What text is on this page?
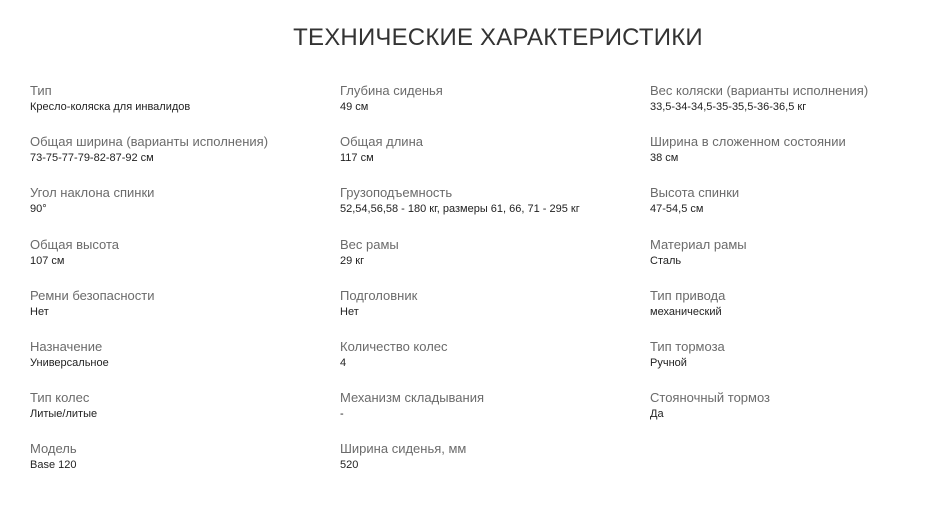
ТЕХНИЧЕСКИЕ ХАРАКТЕРИСТИКИ
Тип
Кресло-коляска для инвалидов
Общая ширина (варианты исполнения)
73-75-77-79-82-87-92 см
Угол наклона спинки
90°
Общая высота
107 см
Ремни безопасности
Нет
Назначение
Универсальное
Тип колес
Литые/литые
Модель
Base 120
Глубина сиденья
49 см
Общая длина
117 см
Грузоподъемность
52,54,56,58 - 180 кг, размеры 61, 66, 71 - 295 кг
Вес рамы
29 кг
Подголовник
Нет
Количество колес
4
Механизм складывания
-
Ширина сиденья, мм
520
Вес коляски (варианты исполнения)
33,5-34-34,5-35-35,5-36-36,5 кг
Ширина в сложенном состоянии
38 см
Высота спинки
47-54,5 см
Материал рамы
Сталь
Тип привода
механический
Тип тормоза
Ручной
Стояночный тормоз
Да
